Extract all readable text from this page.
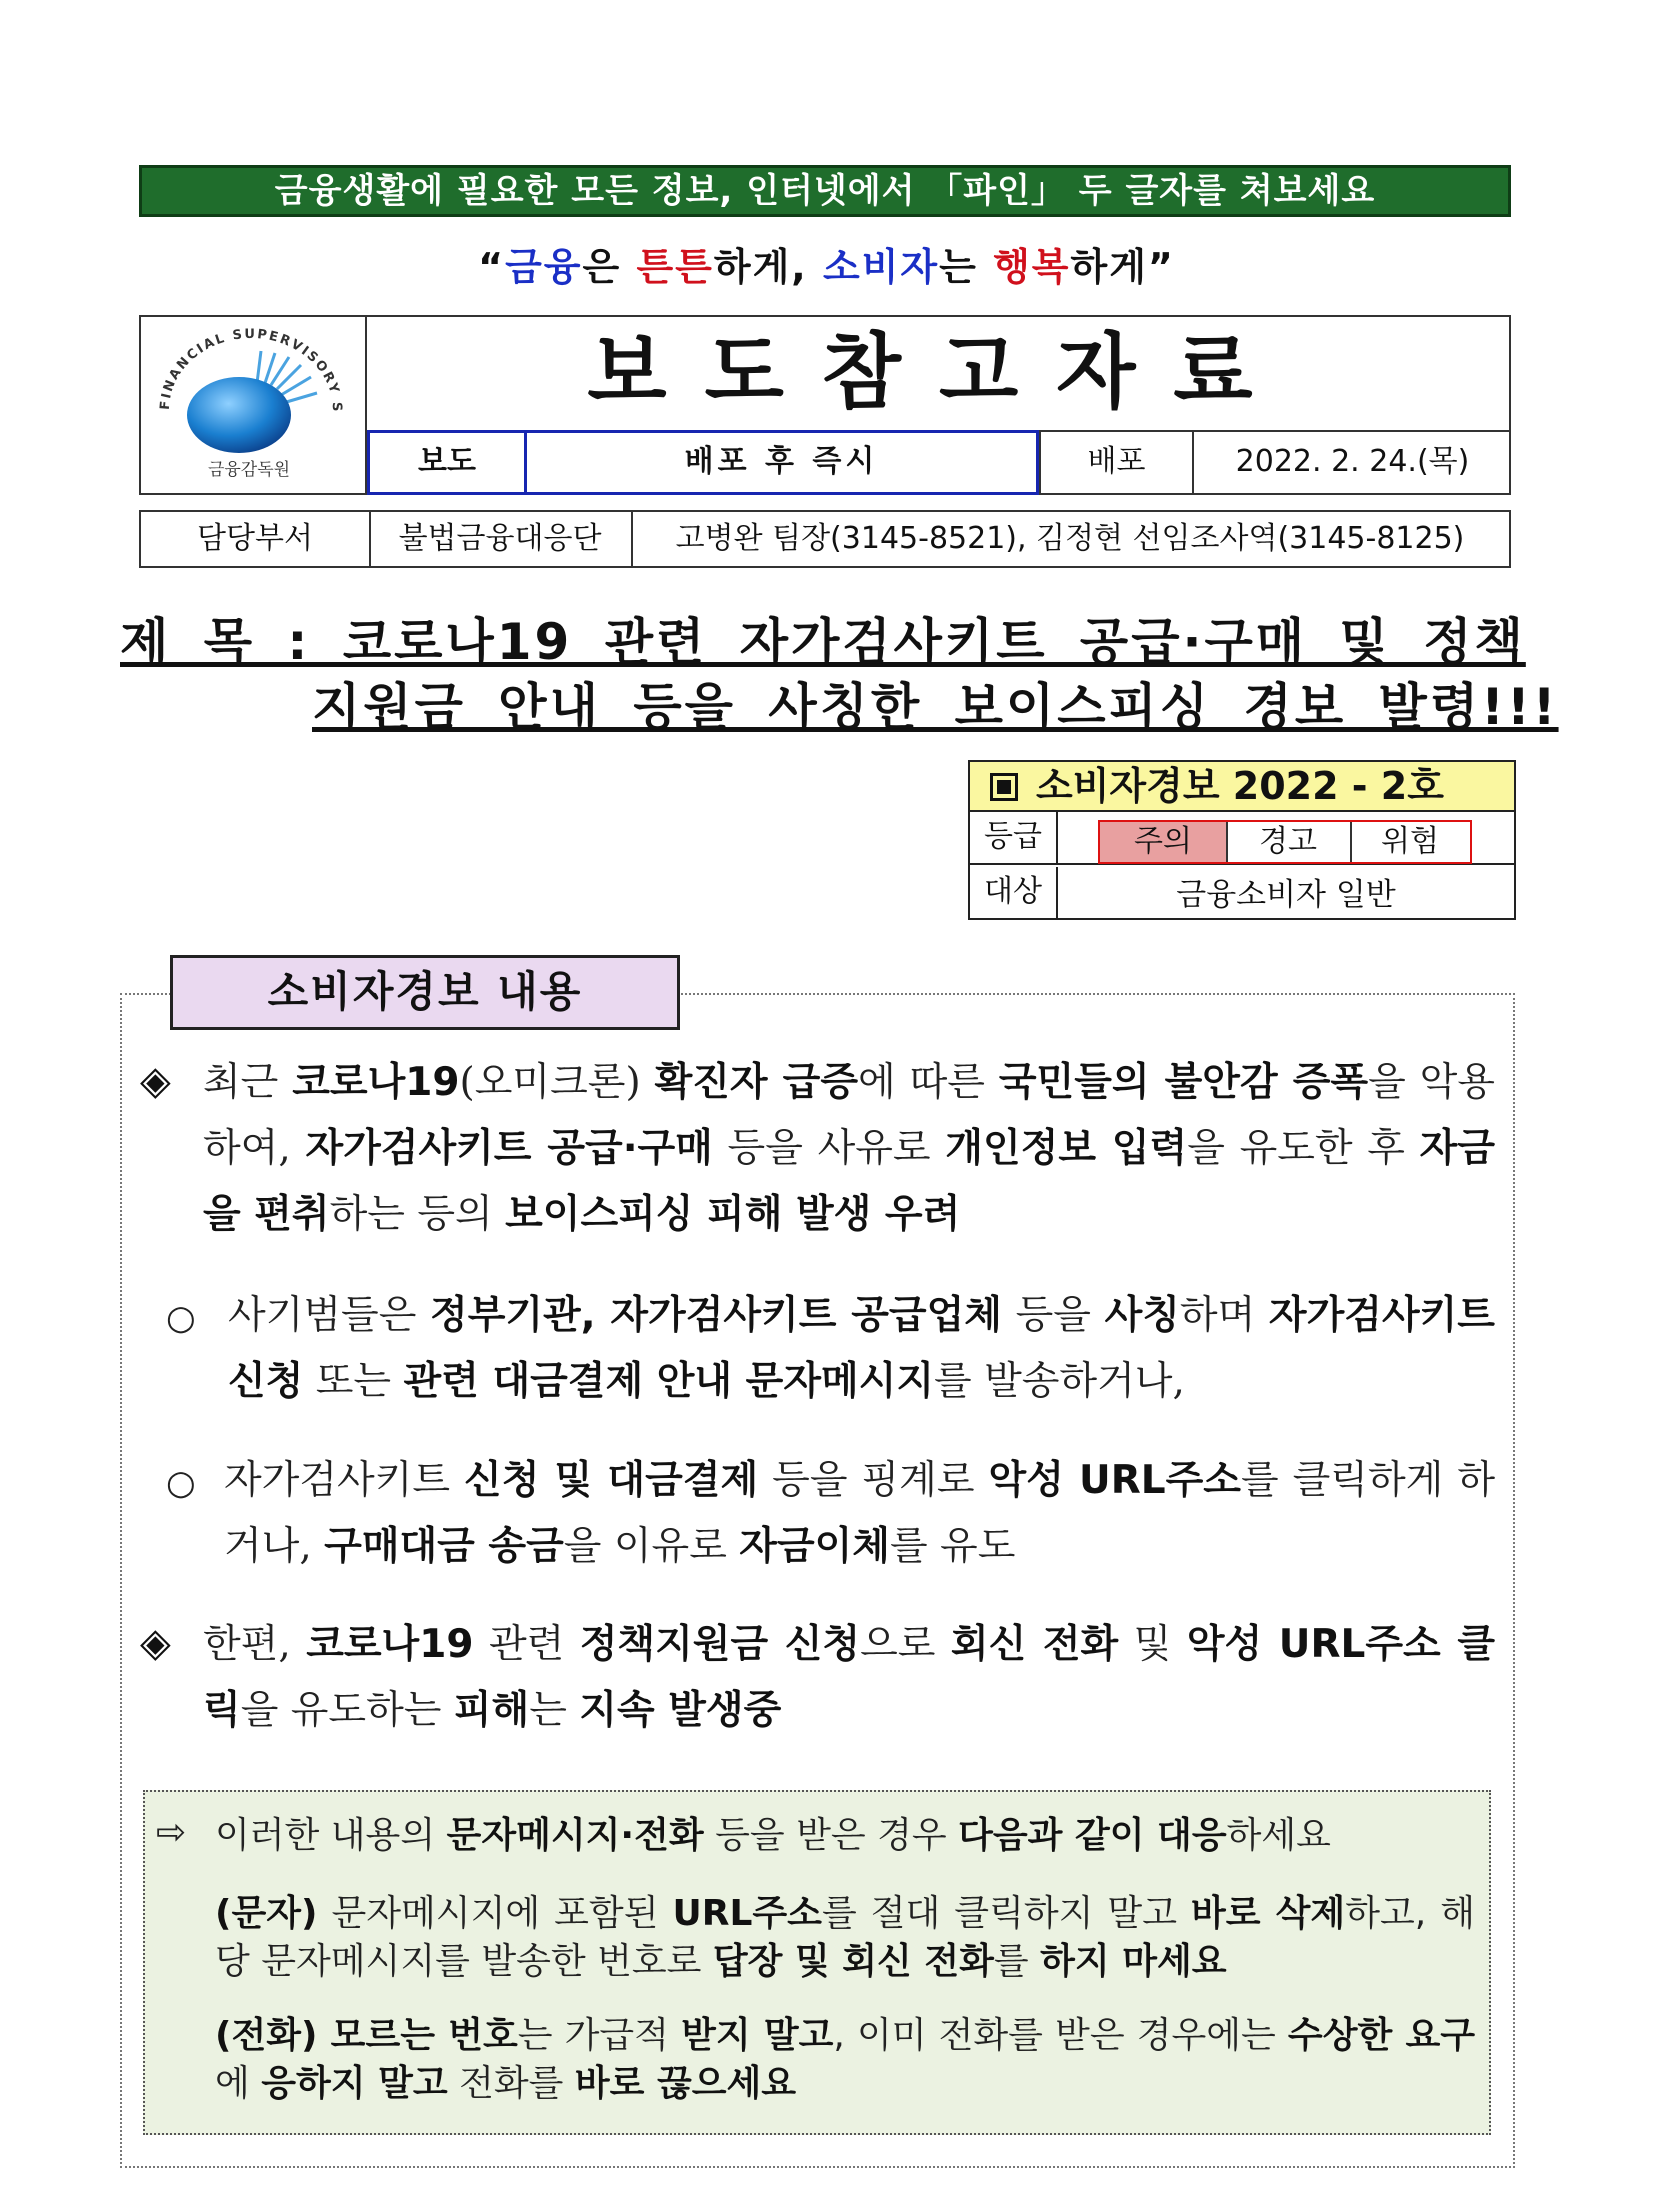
금융생활에 필요한 모든 정보, 인터넷에서 「파인」 두 글자를 쳐보세요
“금융은 튼튼하게, 소비자는 행복하게”
FINANCIAL SUPERVISORY S
금융감독원
보도참고자료
보도	배포 후 즉시	배포	2022. 2. 24.(목)
담당부서	불법금융대응단	고병완 팀장(3145-8521), 김정현 선임조사역(3145-8125)
제 목 : 코로나19 관련 자가검사키트 공급·구매 및 정책
지원금 안내 등을 사칭한 보이스피싱 경보 발령!!!
소비자경보 2022 - 2호
등급	주의	경고	위험
대상	금융소비자 일반
소비자경보 내용
◈ 최근 코로나19(오미크론) 확진자 급증에 따른 국민들의 불안감 증폭을 악용하여, 자가검사키트 공급·구매 등을 사유로 개인정보 입력을 유도한 후 자금을 편취하는 등의 보이스피싱 피해 발생 우려
○ 사기범들은 정부기관, 자가검사키트 공급업체 등을 사칭하며 자가검사키트 신청 또는 관련 대금결제 안내 문자메시지를 발송하거나,
○ 자가검사키트 신청 및 대금결제 등을 핑계로 악성 URL주소를 클릭하게 하거나, 구매대금 송금을 이유로 자금이체를 유도
◈ 한편, 코로나19 관련 정책지원금 신청으로 회신 전화 및 악성 URL주소 클릭을 유도하는 피해는 지속 발생중
⇨ 이러한 내용의 문자메시지·전화 등을 받은 경우 다음과 같이 대응하세요
(문자) 문자메시지에 포함된 URL주소를 절대 클릭하지 말고 바로 삭제하고, 해당 문자메시지를 발송한 번호로 답장 및 회신 전화를 하지 마세요
(전화) 모르는 번호는 가급적 받지 말고, 이미 전화를 받은 경우에는 수상한 요구에 응하지 말고 전화를 바로 끊으세요
